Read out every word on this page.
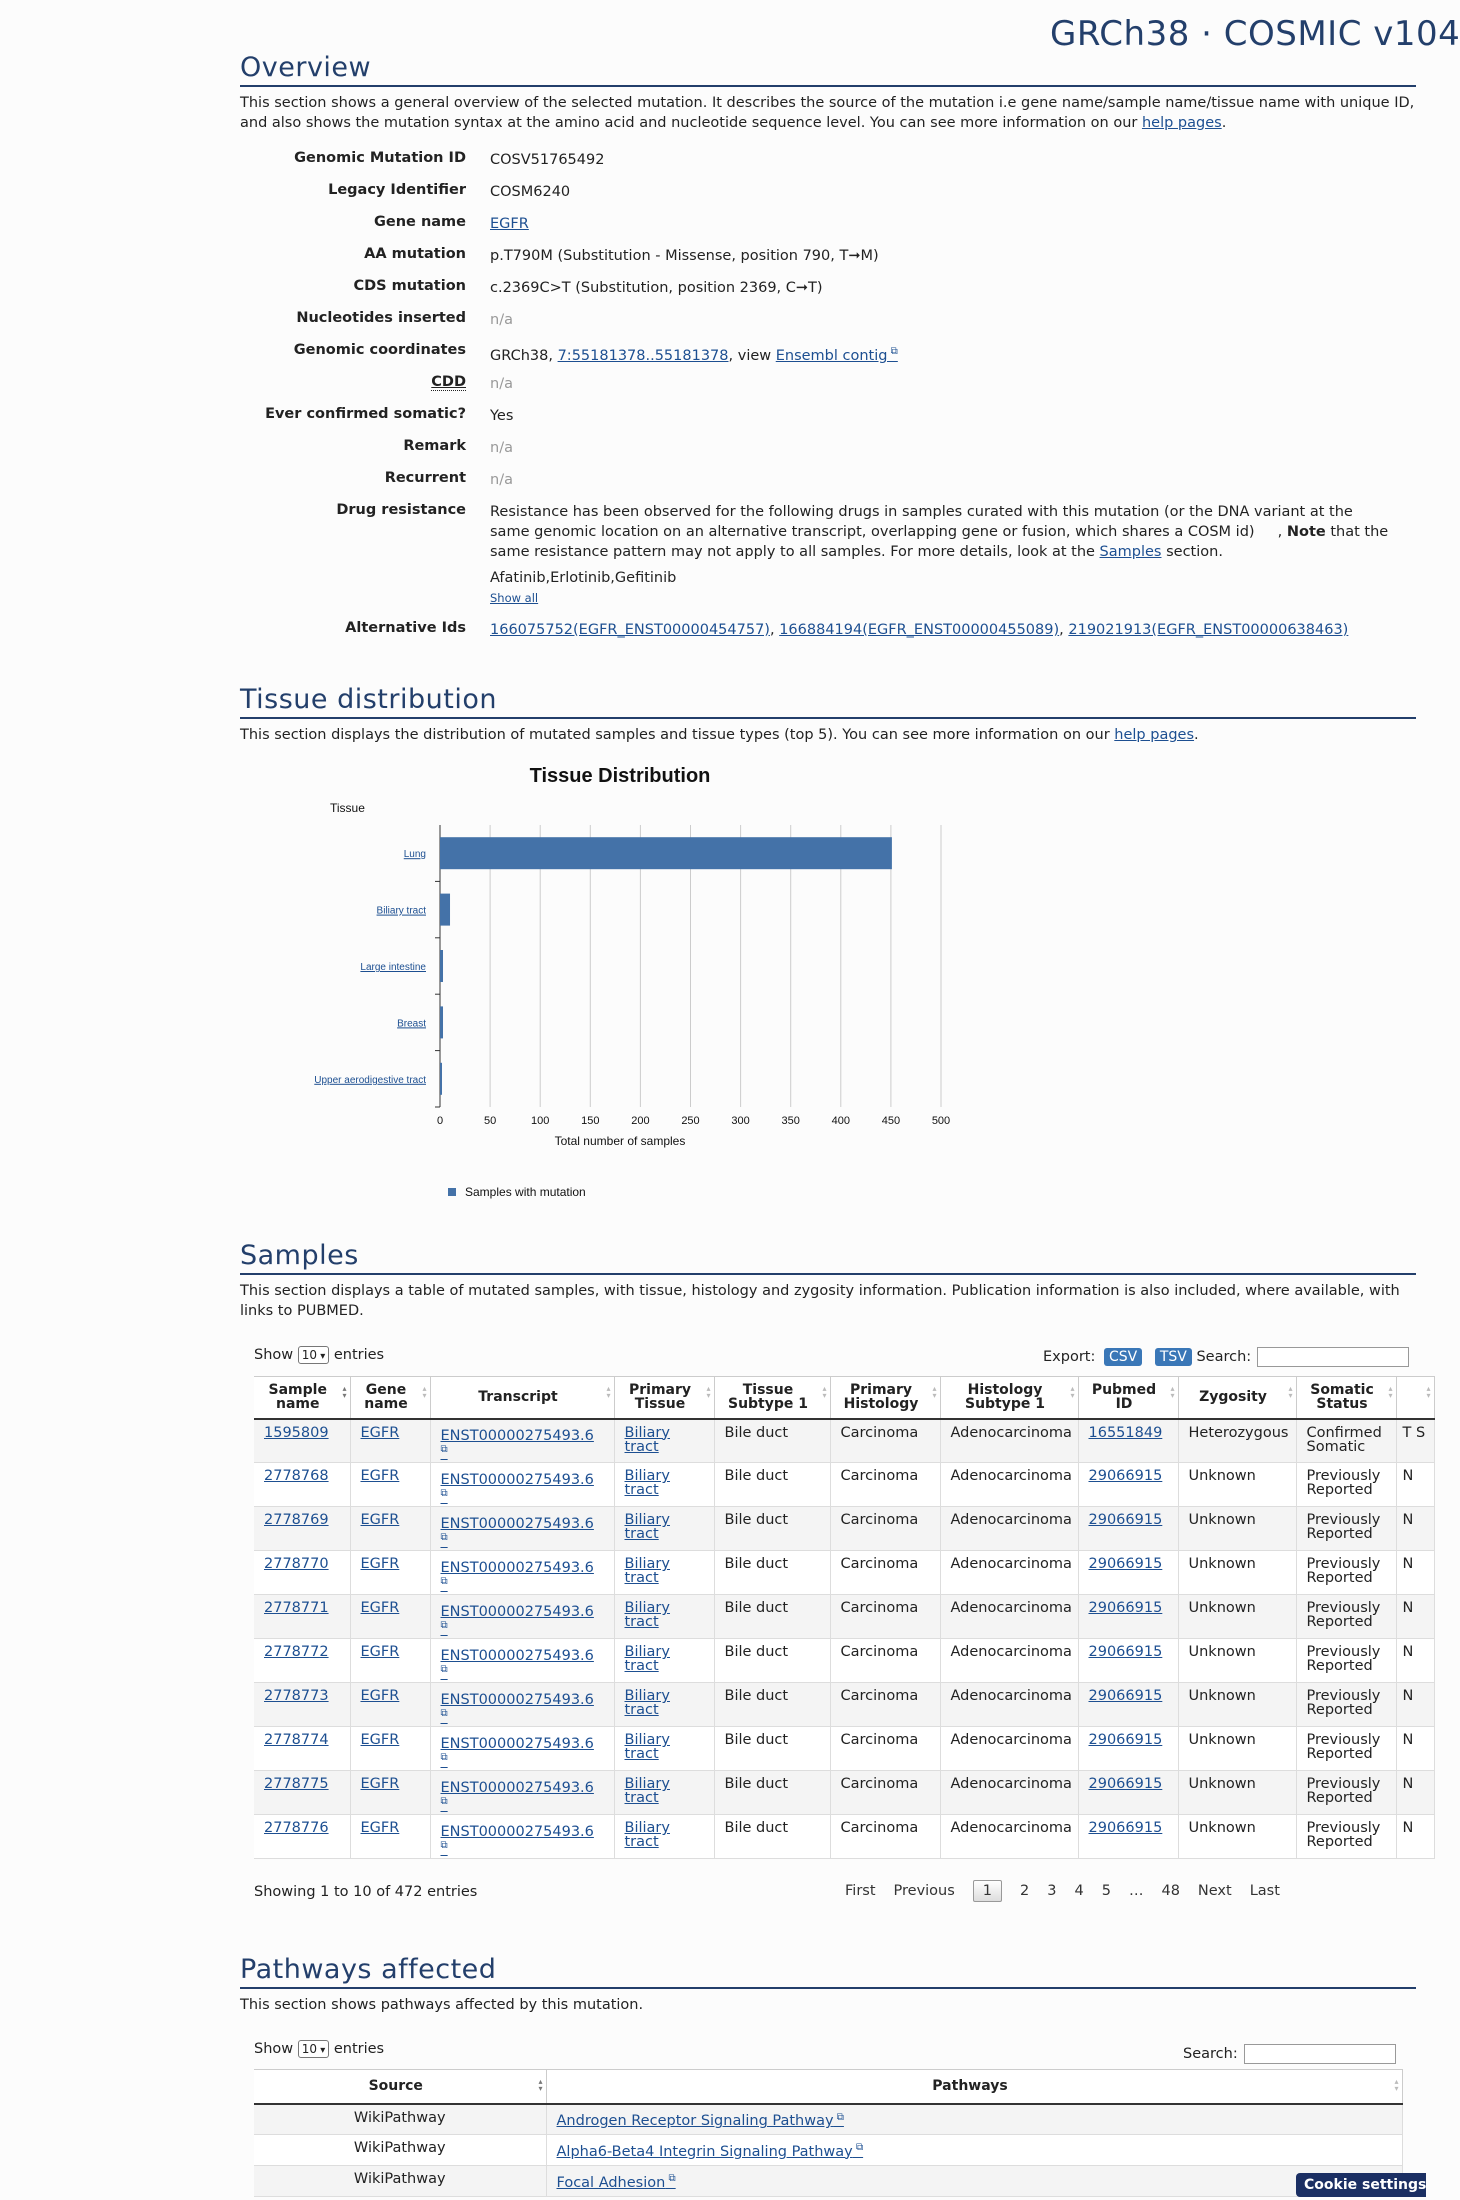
GRCh38 · COSMIC v104
Overview

This section shows a general overview of the selected mutation. It describes the source of the mutation i.e gene name/sample name/tissue name with unique ID, and also shows the mutation syntax at the amino acid and nucleotide sequence level. You can see more information on our help pages.

Genomic Mutation ID COSV51765492
Legacy Identifier COSM6240
Gene name EGFR
AA mutation p.T790M (Substitution - Missense, position 790, T➞M)
CDS mutation c.2369C>T (Substitution, position 2369, C➞T)
Nucleotides inserted n/a
Genomic coordinates GRCh38, 7:55181378..55181378, view Ensembl contig ⧉
CDD n/a
Ever confirmed somatic? Yes
Remark n/a
Recurrent n/a
Drug resistance Resistance has been observed for the following drugs in samples curated with this mutation (or the DNA variant at the same genomic location on an alternative transcript, overlapping gene or fusion, which shares a COSM id)     , Note that the same resistance pattern may not apply to all samples. For more details, look at the Samples section.
Afatinib,Erlotinib,Gefitinib
Show all
Alternative Ids 166075752(EGFR_ENST00000454757), 166884194(EGFR_ENST00000455089), 219021913(EGFR_ENST00000638463)
Tissue distribution

This section displays the distribution of mutated samples and tissue types (top 5). You can see more information on our help pages.

Tissue Distribution
Tissue
Lung
Biliary tract
Large intestine
Breast
Upper aerodigestive tract
0	50	100	150	200	250	300	350	400	450	500
Total number of samples
Samples with mutation
Samples

This section displays a table of mutated samples, with tissue, histology and zygosity information. Publication information is also included, where available, with links to PUBMED.

Show 10 ▾ entries	Export: CSV TSV Search:
Sample name ▴ ▾	Gene name ▴ ▾	Transcript ▴ ▾	Primary Tissue ▴ ▾	Tissue Subtype 1 ▴ ▾	Primary Histology ▴ ▾	Histology Subtype 1 ▴ ▾	Pubmed ID ▴ ▾	Zygosity ▴ ▾	Somatic Status ▴ ▾	▴ ▾
1595809	EGFR	ENST00000275493.6 ⧉	Biliary tract	Bile duct	Carcinoma	Adenocarcinoma	16551849	Heterozygous	Confirmed Somatic	T S
2778768	EGFR	ENST00000275493.6 ⧉	Biliary tract	Bile duct	Carcinoma	Adenocarcinoma	29066915	Unknown	Previously Reported	N
2778769	EGFR	ENST00000275493.6 ⧉	Biliary tract	Bile duct	Carcinoma	Adenocarcinoma	29066915	Unknown	Previously Reported	N
2778770	EGFR	ENST00000275493.6 ⧉	Biliary tract	Bile duct	Carcinoma	Adenocarcinoma	29066915	Unknown	Previously Reported	N
2778771	EGFR	ENST00000275493.6 ⧉	Biliary tract	Bile duct	Carcinoma	Adenocarcinoma	29066915	Unknown	Previously Reported	N
2778772	EGFR	ENST00000275493.6 ⧉	Biliary tract	Bile duct	Carcinoma	Adenocarcinoma	29066915	Unknown	Previously Reported	N
2778773	EGFR	ENST00000275493.6 ⧉	Biliary tract	Bile duct	Carcinoma	Adenocarcinoma	29066915	Unknown	Previously Reported	N
2778774	EGFR	ENST00000275493.6 ⧉	Biliary tract	Bile duct	Carcinoma	Adenocarcinoma	29066915	Unknown	Previously Reported	N
2778775	EGFR	ENST00000275493.6 ⧉	Biliary tract	Bile duct	Carcinoma	Adenocarcinoma	29066915	Unknown	Previously Reported	N
2778776	EGFR	ENST00000275493.6 ⧉	Biliary tract	Bile duct	Carcinoma	Adenocarcinoma	29066915	Unknown	Previously Reported	N
Showing 1 to 10 of 472 entries	First Previous 1 2 3 4 5 … 48 Next Last
Pathways affected

This section shows pathways affected by this mutation.

Show 10 ▾ entries	Search:
Source ▴ ▾	Pathways ▴ ▾
WikiPathway	Androgen Receptor Signaling Pathway ⧉
WikiPathway	Alpha6-Beta4 Integrin Signaling Pathway ⧉
WikiPathway	Focal Adhesion ⧉	Cookie settings
